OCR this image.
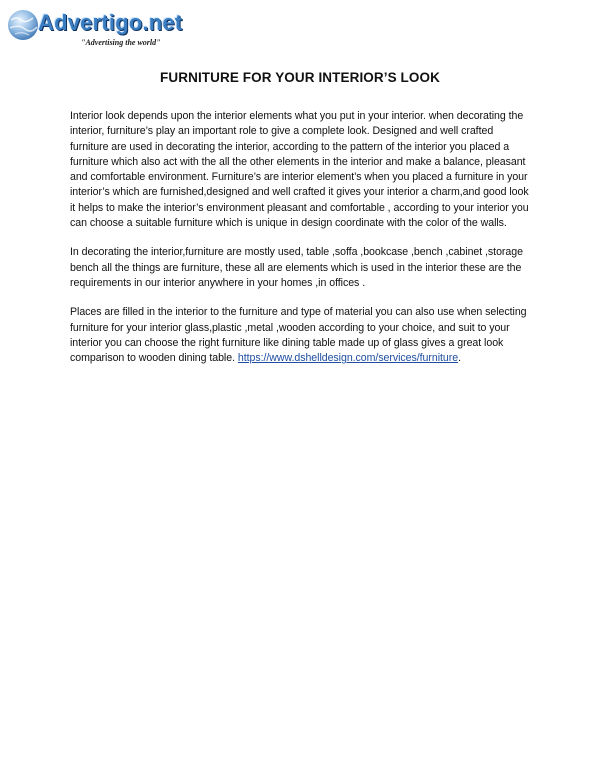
Advertigo.net
"Advertising the world"
FURNITURE FOR YOUR INTERIOR’S LOOK

Interior look depends upon the interior elements what you put in your interior. when decorating the interior, furniture’s play an important role to give a complete look. Designed and well crafted furniture are used in decorating the interior, according to the pattern of the interior you placed a furniture which also act with the all the other elements in the interior and make a balance, pleasant and comfortable environment. Furniture’s are interior element’s when you placed a furniture in your interior’s which are furnished,designed and well crafted it gives your interior a charm,and good look it helps to make the interior’s environment pleasant and comfortable , according to your interior you can choose a suitable furniture which is unique in design coordinate with the color of the walls.

In decorating the interior,furniture are mostly used, table ,soffa ,bookcase ,bench ,cabinet ,storage bench all the things are furniture, these all are elements which is used in the interior these are the requirements in our interior anywhere in your homes ,in offices .

Places are filled in the interior to the furniture and type of material you can also use when selecting furniture for your interior glass,plastic ,metal ,wooden according to your choice, and suit to your interior you can choose the right furniture like dining table made up of glass gives a great look comparison to wooden dining table. https://www.dshelldesign.com/services/furniture.
